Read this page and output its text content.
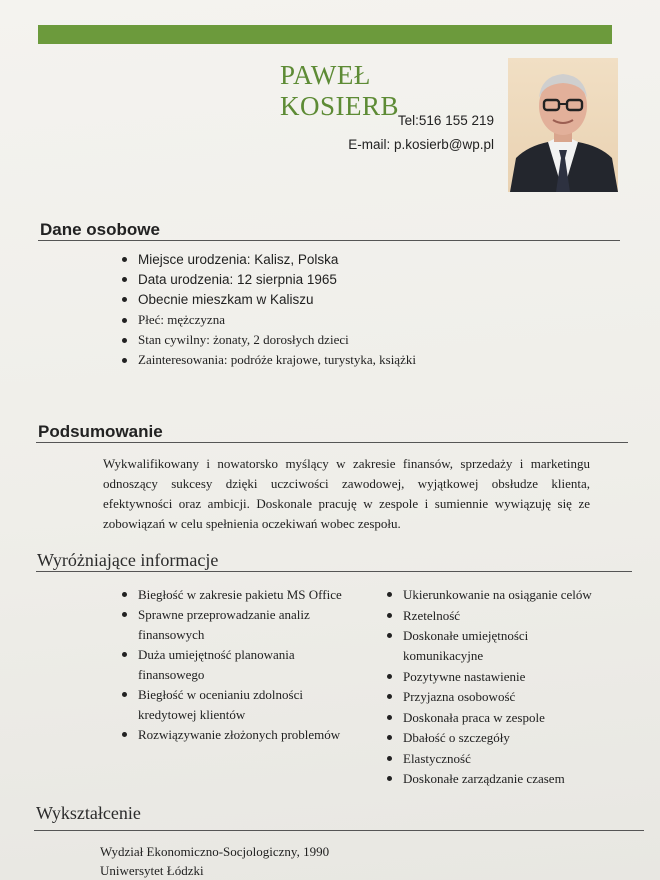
PAWEŁ KOSIERB
Tel:516 155 219
E-mail: p.kosierb@wp.pl
Dane osobowe
Miejsce urodzenia: Kalisz, Polska
Data urodzenia: 12 sierpnia 1965
Obecnie mieszkam w Kaliszu
Płeć: mężczyzna
Stan cywilny: żonaty, 2 dorosłych dzieci
Zainteresowania: podróże krajowe, turystyka, książki
Podsumowanie
Wykwalifikowany i nowatorsko myślący w zakresie finansów, sprzedaży i marketingu odnoszący sukcesy dzięki uczciwości zawodowej, wyjątkowej obsłudze klienta, efektywności oraz ambicji. Doskonale pracuję w zespole i sumiennie wywiązuję się ze zobowiązań w celu spełnienia oczekiwań wobec zespołu.
Wyróżniające informacje
Biegłość w zakresie pakietu MS Office
Sprawne przeprowadzanie analiz finansowych
Duża umiejętność planowania finansowego
Biegłość w ocenianiu zdolności kredytowej klientów
Rozwiązywanie złożonych problemów
Ukierunkowanie na osiąganie celów
Rzetelność
Doskonałe umiejętności komunikacyjne
Pozytywne nastawienie
Przyjazna osobowość
Doskonała praca w zespole
Dbałość o szczegóły
Elastyczność
Doskonałe zarządzanie czasem
Wykształcenie
Wydział Ekonomiczno-Socjologiczny, 1990
Uniwersytet Łódzki
